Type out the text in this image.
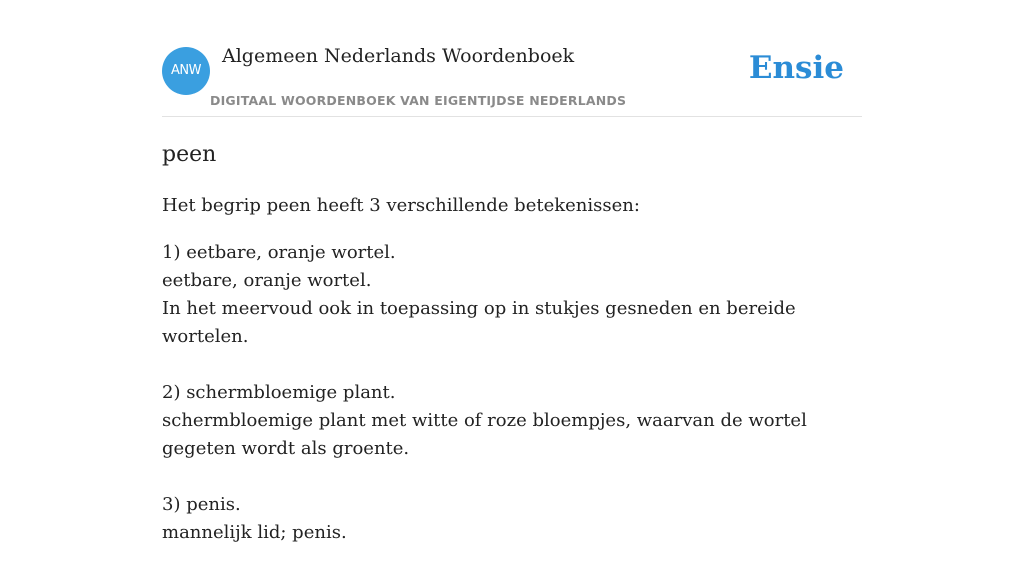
ANW
Algemeen Nederlands Woordenboek
DIGITAAL WOORDENBOEK VAN EIGENTIJDSE NEDERLANDS
Ensie
peen
Het begrip peen heeft 3 verschillende betekenissen:
1) eetbare, oranje wortel.
eetbare, oranje wortel.
In het meervoud ook in toepassing op in stukjes gesneden en bereide wortelen.
2) schermbloemige plant.
schermbloemige plant met witte of roze bloempjes, waarvan de wortel gegeten wordt als groente.
3) penis.
mannelijk lid; penis.
